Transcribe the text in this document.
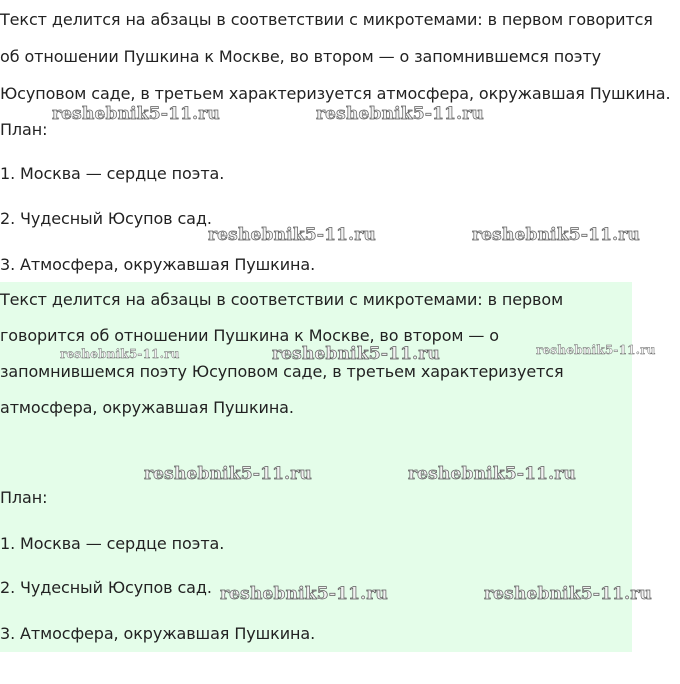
Текст делится на абзацы в соответствии с микротемами: в первом говорится
об отношении Пушкина к Москве, во втором — о запомнившемся поэту
Юсуповом саде, в третьем характеризуется атмосфера, окружавшая Пушкина.
План:
1. Москва — сердце поэта.
2. Чудесный Юсупов сад.
3. Атмосфера, окружавшая Пушкина.
Текст делится на абзацы в соответствии с микротемами: в первом
говорится об отношении Пушкина к Москве, во втором — о
запомнившемся поэту Юсуповом саде, в третьем характеризуется
атмосфера, окружавшая Пушкина.
План:
1. Москва — сердце поэта.
2. Чудесный Юсупов сад.
3. Атмосфера, окружавшая Пушкина.
reshebnik5-11.ru	reshebnik5-11.ru
reshebnik5-11.ru	reshebnik5-11.ru
reshebnik5-11.ru	reshebnik5-11.ru	reshebnik5-11.ru
reshebnik5-11.ru	reshebnik5-11.ru
reshebnik5-11.ru	reshebnik5-11.ru
